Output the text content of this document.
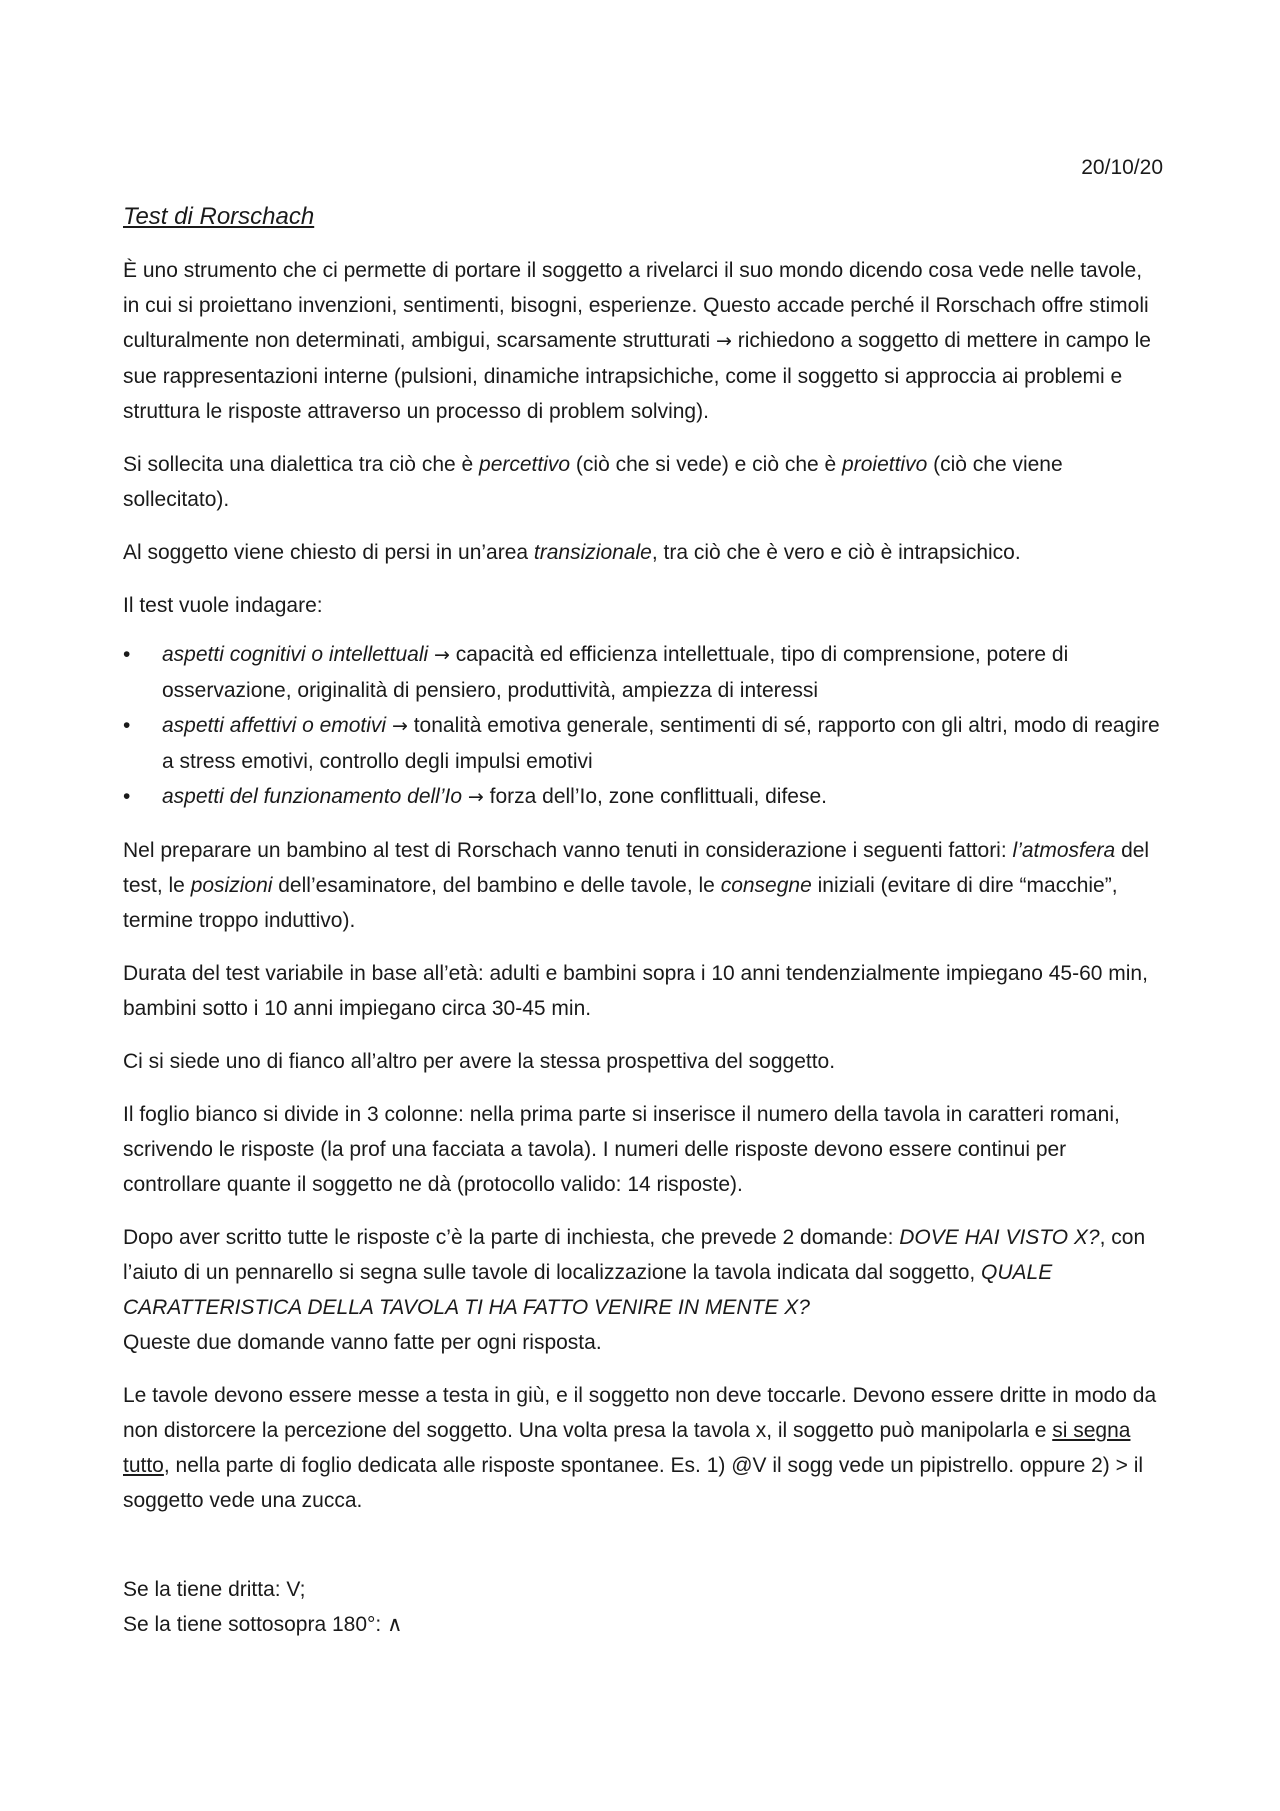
20/10/20
Test di Rorschach

È uno strumento che ci permette di portare il soggetto a rivelarci il suo mondo dicendo cosa vede nelle tavole, in cui si proiettano invenzioni, sentimenti, bisogni, esperienze. Questo accade perché il Rorschach offre stimoli culturalmente non determinati, ambigui, scarsamente strutturati → richiedono a soggetto di mettere in campo le sue rappresentazioni interne (pulsioni, dinamiche intrapsichiche, come il soggetto si approccia ai problemi e struttura le risposte attraverso un processo di problem solving).

Si sollecita una dialettica tra ciò che è percettivo (ciò che si vede) e ciò che è proiettivo (ciò che viene sollecitato).

Al soggetto viene chiesto di persi in un’area transizionale, tra ciò che è vero e ciò è intrapsichico.

Il test vuole indagare:

• aspetti cognitivi o intellettuali → capacità ed efficienza intellettuale, tipo di comprensione, potere di osservazione, originalità di pensiero, produttività, ampiezza di interessi
• aspetti affettivi o emotivi → tonalità emotiva generale, sentimenti di sé, rapporto con gli altri, modo di reagire a stress emotivi, controllo degli impulsi emotivi
• aspetti del funzionamento dell’Io → forza dell’Io, zone conflittuali, difese.

Nel preparare un bambino al test di Rorschach vanno tenuti in considerazione i seguenti fattori: l’atmosfera del test, le posizioni dell’esaminatore, del bambino e delle tavole, le consegne iniziali (evitare di dire “macchie”, termine troppo induttivo).

Durata del test variabile in base all’età: adulti e bambini sopra i 10 anni tendenzialmente impiegano 45-60 min, bambini sotto i 10 anni impiegano circa 30-45 min.

Ci si siede uno di fianco all’altro per avere la stessa prospettiva del soggetto.

Il foglio bianco si divide in 3 colonne: nella prima parte si inserisce il numero della tavola in caratteri romani, scrivendo le risposte (la prof una facciata a tavola). I numeri delle risposte devono essere continui per controllare quante il soggetto ne dà (protocollo valido: 14 risposte).

Dopo aver scritto tutte le risposte c’è la parte di inchiesta, che prevede 2 domande: DOVE HAI VISTO X?, con l’aiuto di un pennarello si segna sulle tavole di localizzazione la tavola indicata dal soggetto, QUALE CARATTERISTICA DELLA TAVOLA TI HA FATTO VENIRE IN MENTE X?
Queste due domande vanno fatte per ogni risposta.

Le tavole devono essere messe a testa in giù, e il soggetto non deve toccarle. Devono essere dritte in modo da non distorcere la percezione del soggetto. Una volta presa la tavola x, il soggetto può manipolarla e si segna tutto, nella parte di foglio dedicata alle risposte spontanee. Es. 1) @V il sogg vede un pipistrello. oppure 2) > il soggetto vede una zucca.

Se la tiene dritta: V;
Se la tiene sottosopra 180°: ∧
